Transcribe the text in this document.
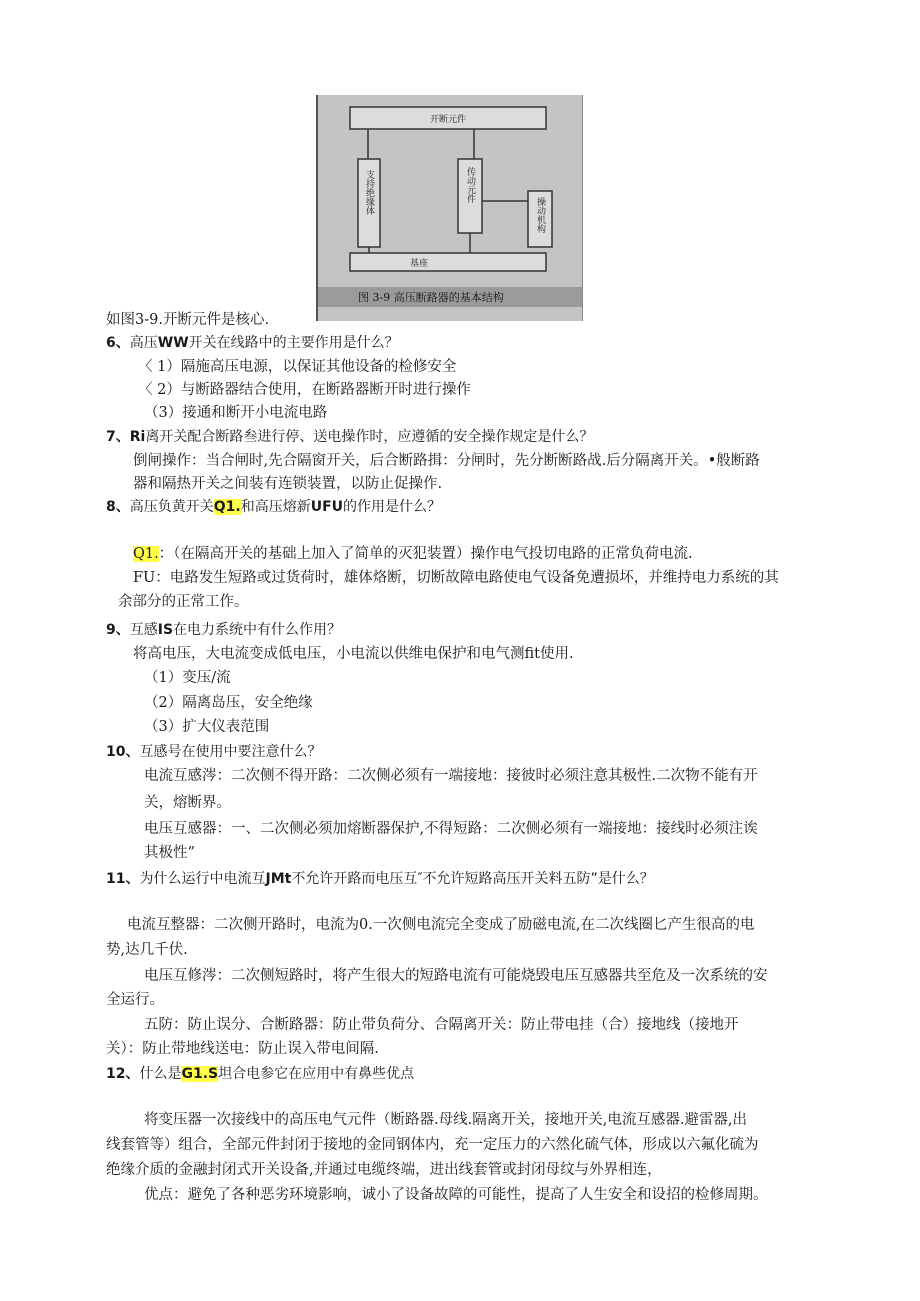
开断元件
支持绝缘体	传动元件
操动机构
基座
图 3-9 高压断路器的基本结构
如图3-9.开断元件是核心.
6、高压WW开关在线路中的主要作用是什么？
〈 1）隔施高压电源，以保证其他设备的检修安全
〈 2）与断路器结合使用，在断路器断开时进行操作
（3）接通和断开小电流电路
7、Ri离开关配合断路叁进行停、送电操作时，应遵循的安全操作规定是什么？
倒闸操作：当合闸时,先合隔窗开关，后合断路揖：分闸时，先分断断路战.后分隔离开关。•般断路
器和隔热开关之间装有连锁装置，以防止促操作.
8、高压负黄开关Q1.和高压熔新UFU的作用是什么？
Q1.：（在隔高开关的基础上加入了简单的灭犯装置）操作电气投切电路的正常负荷电流.
FU：电路发生短路或过货荷时，雄体烙断，切断故障电路使电气设备免遭损坏，并维持电力系统的其
余部分的正常工作。
9、互感IS在电力系统中有什么作用？
将高电压，大电流变成低电压，小电流以供维电保护和电气测fit使用.
（1）变压/流
（2）隔离岛压，安全绝缘
（3）扩大仪表范围
10、互感号在使用中要注意什么？
电流互感涔：二次侧不得开路：二次侧必须有一端接地：接彼时必须注意其极性.二次物不能有开
关，熔断界。
电压互感器：一、二次侧必须加熔断器保护,不得短路：二次侧必须有一端接地：接线时必须注诶
其极性”
11、为什么运行中电流互JMt不允许开路而电压互″不允许短路高压开关料五防”是什么？
电流互整器：二次侧开路时，电流为0.一次侧电流完全变成了励磁电流,在二次线圈匕产生很高的电
势,达几千伏.
电压互修涔：二次侧短路时，将产生很大的短路电流有可能烧毁电压互感器共至危及一次系统的安
全运行。
五防：防止误分、合断路器：防止带负荷分、合隔离开关：防止带电挂（合）接地线（接地开
关）：防止带地线送电：防止误入带电间隔.
12、什么是G1.S坦合电参它在应用中有鼻些优点
将变压器一次接线中的高压电气元件（断路器.母线.隔离开关，接地开关,电流互感器.避雷器,出
线套管等）组合，全部元件封闭于接地的金同钢体内，充一定压力的六然化硫气体，形成以六氟化硫为
绝缘介质的金融封闭式开关设备,并通过电缆终端，进出线套管或封闭母纹与外界相连，
优点：避免了各种恶劣环境影响，诚小了设备故障的可能性，提高了人生安全和设招的检修周期。
